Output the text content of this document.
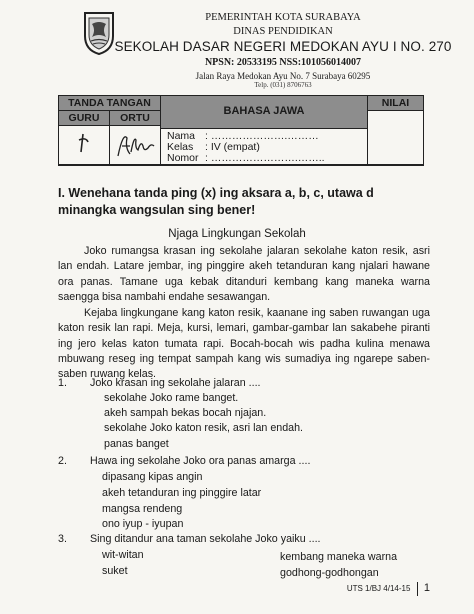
PEMERINTAH KOTA SURABAYA
DINAS PENDIDIKAN
SEKOLAH DASAR NEGERI MEDOKAN AYU I NO. 270
NPSN: 20533195 NSS:101056014007
Jalan Raya Medokan Ayu No. 7 Surabaya 60295
Telp. (031) 8706763
TANDA TANGAN
BAHASA JAWA
NILAI
GURU	ORTU
Nama : ………………….………
Kelas : IV (empat)
Nomor : …………………….……..
I. Wenehana tanda ping (x) ing aksara a, b, c, utawa d minangka wangsulan sing bener!
Njaga Lingkungan Sekolah
Joko rumangsa krasan ing sekolahe jalaran sekolahe katon resik, asri lan endah. Latare jembar, ing pinggire akeh tetanduran kang njalari hawane ora panas. Tamane uga kebak ditanduri kembang kang maneka warna saengga bisa nambahi endahe sesawangan.
Kejaba lingkungane kang katon resik, kaanane ing saben ruwangan uga katon resik lan rapi. Meja, kursi, lemari, gambar-gambar lan sakabehe piranti ing jero kelas katon tumata rapi. Bocah-bocah wis padha kulina menawa mbuwang reseg ing tempat sampah kang wis sumadiya ing ngarepe saben-saben ruwang kelas.
1. Joko krasan ing sekolahe jalaran ....
sekolahe Joko rame banget.
akeh sampah bekas bocah njajan.
sekolahe Joko katon resik, asri lan endah.
panas banget
2. Hawa ing sekolahe Joko ora panas amarga ....
dipasang kipas angin
akeh tetanduran ing pinggire latar
mangsa rendeng
ono iyup - iyupan
3. Sing ditandur ana taman sekolahe Joko yaiku ....
wit-witan	kembang maneka warna
suket	godhong-godhongan
UTS 1/BJ 4/14-15 1
